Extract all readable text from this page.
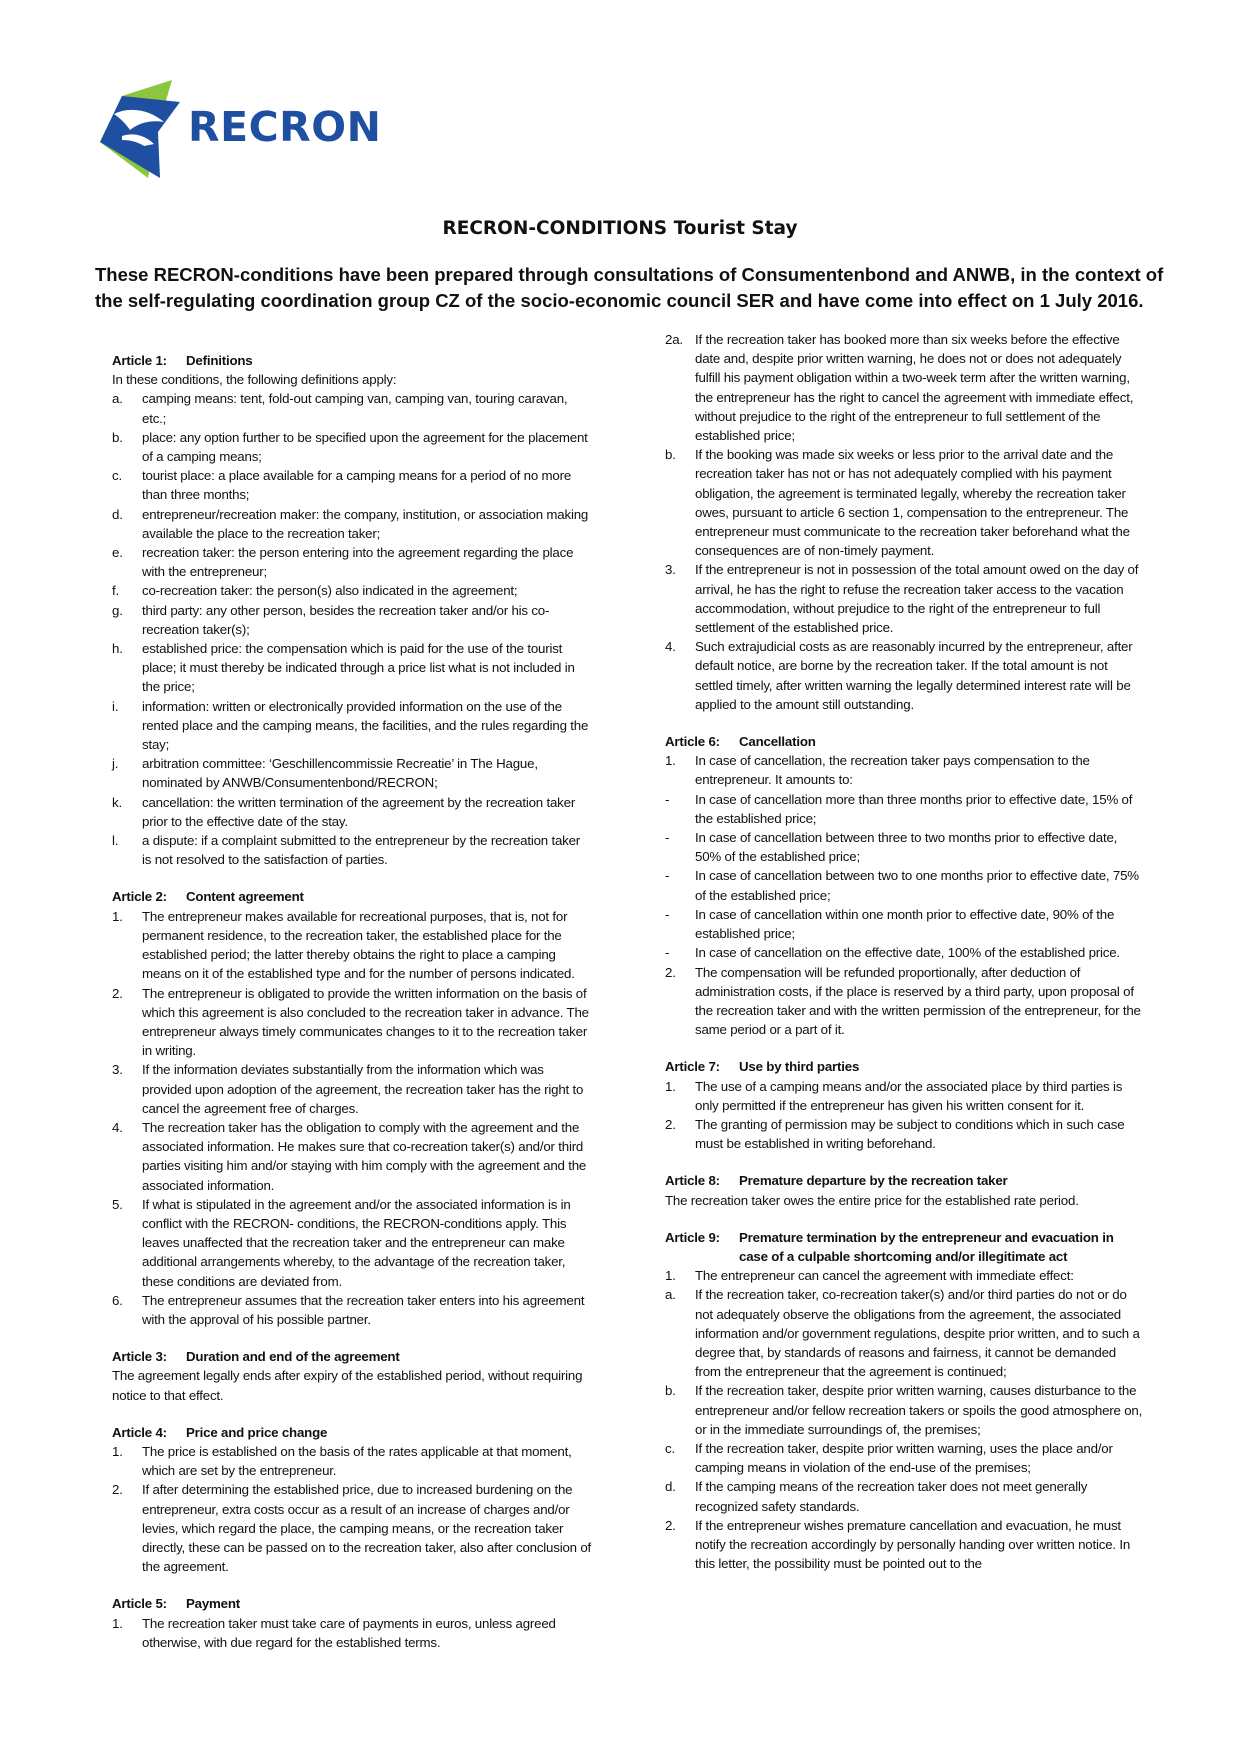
RECRON
RECRON-CONDITIONS Tourist Stay
These RECRON-conditions have been prepared through consultations of Consumentenbond and ANWB, in the context of the self-regulating coordination group CZ of the socio-economic council SER and have come into effect on 1 July 2016.
Article 1:	Definitions
In these conditions, the following definitions apply:
a.	camping means: tent, fold-out camping van, camping van, touring caravan, etc.;
b.	place: any option further to be specified upon the agreement for the placement of a camping means;
c.	tourist place: a place available for a camping means for a period of no more than three months;
d.	entrepreneur/recreation maker: the company, institution, or association making available the place to the recreation taker;
e.	recreation taker: the person entering into the agreement regarding the place with the entrepreneur;
f.	co-recreation taker: the person(s) also indicated in the agreement;
g.	third party: any other person, besides the recreation taker and/or his co-recreation taker(s);
h.	established price: the compensation which is paid for the use of the tourist place; it must thereby be indicated through a price list what is not included in the price;
i.	information: written or electronically provided information on the use of the rented place and the camping means, the facilities, and the rules regarding the stay;
j.	arbitration committee: ‘Geschillencommissie Recreatie’ in The Hague, nominated by ANWB/Consumentenbond/RECRON;
k.	cancellation: the written termination of the agreement by the recreation taker prior to the effective date of the stay.
l.	a dispute: if a complaint submitted to the entrepreneur by the recreation taker is not resolved to the satisfaction of parties.
Article 2:	Content agreement
1.	The entrepreneur makes available for recreational purposes, that is, not for permanent residence, to the recreation taker, the established place for the established period; the latter thereby obtains the right to place a camping means on it of the established type and for the number of persons indicated.
2.	The entrepreneur is obligated to provide the written information on the basis of which this agreement is also concluded to the recreation taker in advance. The entrepreneur always timely communicates changes to it to the recreation taker in writing.
3.	If the information deviates substantially from the information which was provided upon adoption of the agreement, the recreation taker has the right to cancel the agreement free of charges.
4.	The recreation taker has the obligation to comply with the agreement and the associated information. He makes sure that co-recreation taker(s) and/or third parties visiting him and/or staying with him comply with the agreement and the associated information.
5.	If what is stipulated in the agreement and/or the associated information is in conflict with the RECRON- conditions, the RECRON-conditions apply. This leaves unaffected that the recreation taker and the entrepreneur can make additional arrangements whereby, to the advantage of the recreation taker, these conditions are deviated from.
6.	The entrepreneur assumes that the recreation taker enters into his agreement with the approval of his possible partner.
Article 3:	Duration and end of the agreement
The agreement legally ends after expiry of the established period, without requiring notice to that effect.
Article 4:	Price and price change
1.	The price is established on the basis of the rates applicable at that moment, which are set by the entrepreneur.
2.	If after determining the established price, due to increased burdening on the entrepreneur, extra costs occur as a result of an increase of charges and/or levies, which regard the place, the camping means, or the recreation taker directly, these can be passed on to the recreation taker, also after conclusion of the agreement.
Article 5:	Payment
1.	The recreation taker must take care of payments in euros, unless agreed otherwise, with due regard for the established terms.
2a. If the recreation taker has booked more than six weeks before the effective date and, despite prior written warning, he does not or does not adequately fulfill his payment obligation within a two-week term after the written warning, the entrepreneur has the right to cancel the agreement with immediate effect, without prejudice to the right of the entrepreneur to full settlement of the established price;
b.	If the booking was made six weeks or less prior to the arrival date and the recreation taker has not or has not adequately complied with his payment obligation, the agreement is terminated legally, whereby the recreation taker owes, pursuant to article 6 section 1, compensation to the entrepreneur. The entrepreneur must communicate to the recreation taker beforehand what the consequences are of non-timely payment.
3.	If the entrepreneur is not in possession of the total amount owed on the day of arrival, he has the right to refuse the recreation taker access to the vacation accommodation, without prejudice to the right of the entrepreneur to full settlement of the established price.
4.	Such extrajudicial costs as are reasonably incurred by the entrepreneur, after default notice, are borne by the recreation taker. If the total amount is not settled timely, after written warning the legally determined interest rate will be applied to the amount still outstanding.
Article 6:	Cancellation
1.	In case of cancellation, the recreation taker pays compensation to the entrepreneur. It amounts to:
-	In case of cancellation more than three months prior to effective date, 15% of the established price;
-	In case of cancellation between three to two months prior to effective date, 50% of the established price;
-	In case of cancellation between two to one months prior to effective date, 75% of the established price;
-	In case of cancellation within one month prior to effective date, 90% of the established price;
-	In case of cancellation on the effective date, 100% of the established price.
2.	The compensation will be refunded proportionally, after deduction of administration costs, if the place is reserved by a third party, upon proposal of the recreation taker and with the written permission of the entrepreneur, for the same period or a part of it.
Article 7:	Use by third parties
1.	The use of a camping means and/or the associated place by third parties is only permitted if the entrepreneur has given his written consent for it.
2.	The granting of permission may be subject to conditions which in such case must be established in writing beforehand.
Article 8:	Premature departure by the recreation taker
The recreation taker owes the entire price for the established rate period.
Article 9:	Premature termination by the entrepreneur and evacuation in case of a culpable shortcoming and/or illegitimate act
1.	The entrepreneur can cancel the agreement with immediate effect:
a.	If the recreation taker, co-recreation taker(s) and/or third parties do not or do not adequately observe the obligations from the agreement, the associated information and/or government regulations, despite prior written, and to such a degree that, by standards of reasons and fairness, it cannot be demanded from the entrepreneur that the agreement is continued;
b.	If the recreation taker, despite prior written warning, causes disturbance to the entrepreneur and/or fellow recreation takers or spoils the good atmosphere on, or in the immediate surroundings of, the premises;
c.	If the recreation taker, despite prior written warning, uses the place and/or camping means in violation of the end-use of the premises;
d.	If the camping means of the recreation taker does not meet generally recognized safety standards.
2.	If the entrepreneur wishes premature cancellation and evacuation, he must notify the recreation accordingly by personally handing over written notice. In this letter, the possibility must be pointed out to the
